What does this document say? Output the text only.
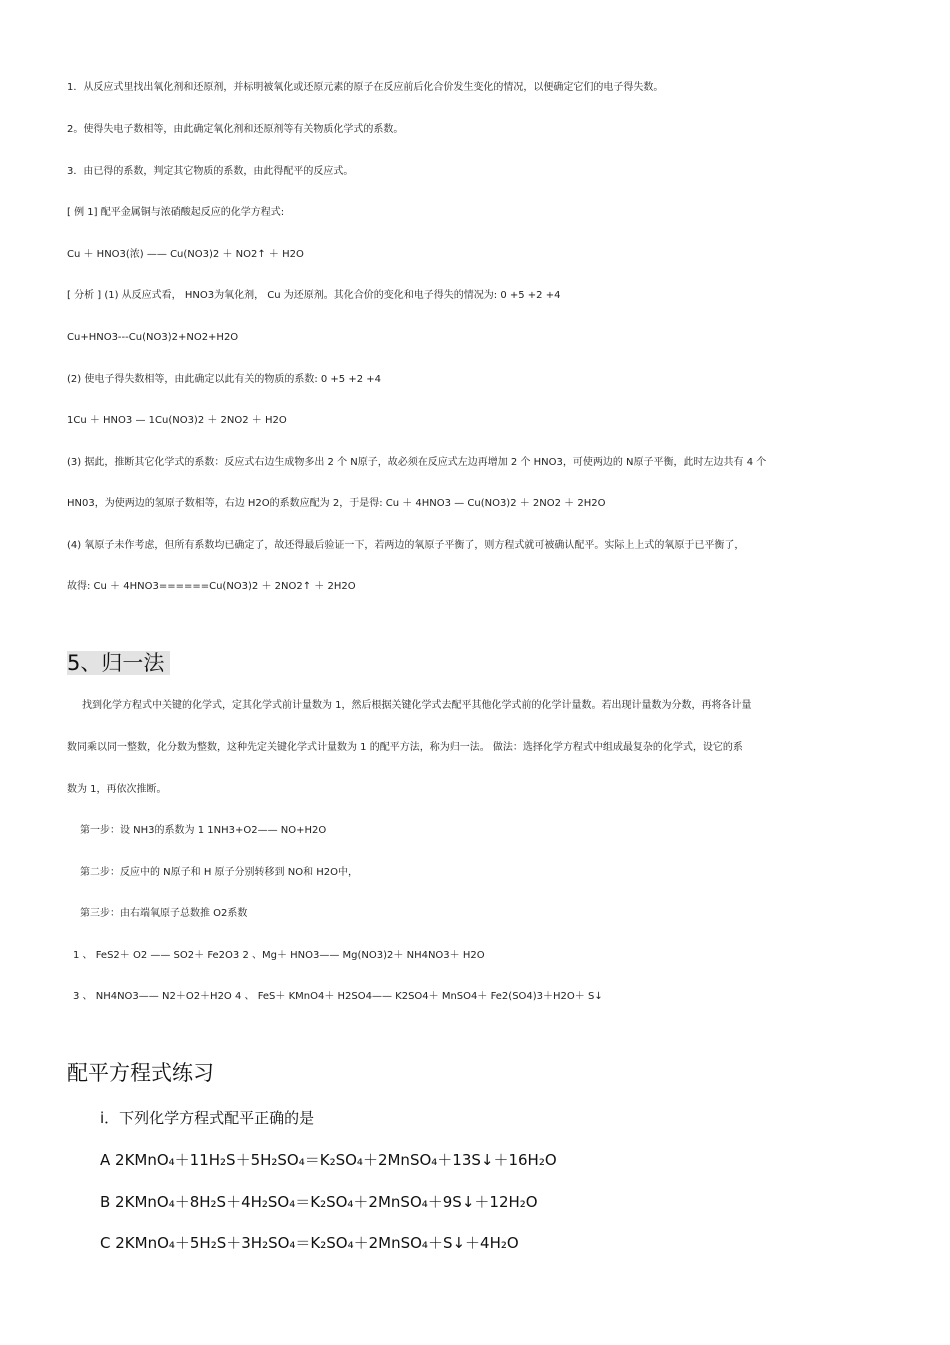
1．从反应式里找出氧化剂和还原剂，并标明被氧化或还原元素的原子在反应前后化合价发生变化的情况，以便确定它们的电子得失数。
2。使得失电子数相等，由此确定氧化剂和还原剂等有关物质化学式的系数。
3．由已得的系数，判定其它物质的系数，由此得配平的反应式。
[ 例 1] 配平金属铜与浓硝酸起反应的化学方程式:
Cu ＋ HNO3(浓) —— Cu(NO3)2 ＋ NO2↑ ＋ H2O
[ 分析 ] (1) 从反应式看， HNO3为氧化剂， Cu 为还原剂。其化合价的变化和电子得失的情况为: 0 +5 +2 +4
Cu+HNO3---Cu(NO3)2+NO2+H2O
(2) 使电子得失数相等，由此确定以此有关的物质的系数: 0 +5 +2 +4
1Cu ＋ HNO3 — 1Cu(NO3)2 ＋ 2NO2 ＋ H2O
(3) 据此，推断其它化学式的系数：反应式右边生成物多出 2 个 N原子，故必须在反应式左边再增加 2 个 HNO3，可使两边的 N原子平衡，此时左边共有 4 个
HN03，为使两边的氢原子数相等，右边 H2O的系数应配为 2，于是得: Cu ＋ 4HNO3 — Cu(NO3)2 ＋ 2NO2 ＋ 2H2O
(4) 氧原子未作考虑，但所有系数均已确定了，故还得最后验证一下，若两边的氧原子平衡了，则方程式就可被确认配平。实际上上式的氧原于已平衡了，
故得: Cu ＋ 4HNO3======Cu(NO3)2 ＋ 2NO2↑ ＋ 2H2O
5、归一法
找到化学方程式中关键的化学式，定其化学式前计量数为 1，然后根据关键化学式去配平其他化学式前的化学计量数。若出现计量数为分数，再将各计量
数同乘以同一整数，化分数为整数，这种先定关键化学式计量数为 1 的配平方法，称为归一法。 做法：选择化学方程式中组成最复杂的化学式，设它的系
数为 1，再依次推断。
第一步：设 NH3的系数为 1 1NH3+O2—— NO+H2O
第二步：反应中的 N原子和 H 原子分别转移到 NO和 H2O中，
第三步：由右端氧原子总数推 O2系数
1 、 FeS2＋ O2 —— SO2＋ Fe2O3 2 、Mg＋ HNO3—— Mg(NO3)2＋ NH4NO3＋ H2O
3 、 NH4NO3—— N2＋O2＋H2O 4 、 FeS＋ KMnO4＋ H2SO4—— K2SO4＋ MnSO4＋ Fe2(SO4)3＋H2O＋ S↓
配平方程式练习
i．下列化学方程式配平正确的是
A 2KMnO₄＋11H₂S＋5H₂SO₄＝K₂SO₄＋2MnSO₄＋13S↓＋16H₂O
B 2KMnO₄＋8H₂S＋4H₂SO₄＝K₂SO₄＋2MnSO₄＋9S↓＋12H₂O
C 2KMnO₄＋5H₂S＋3H₂SO₄＝K₂SO₄＋2MnSO₄＋S↓＋4H₂O
